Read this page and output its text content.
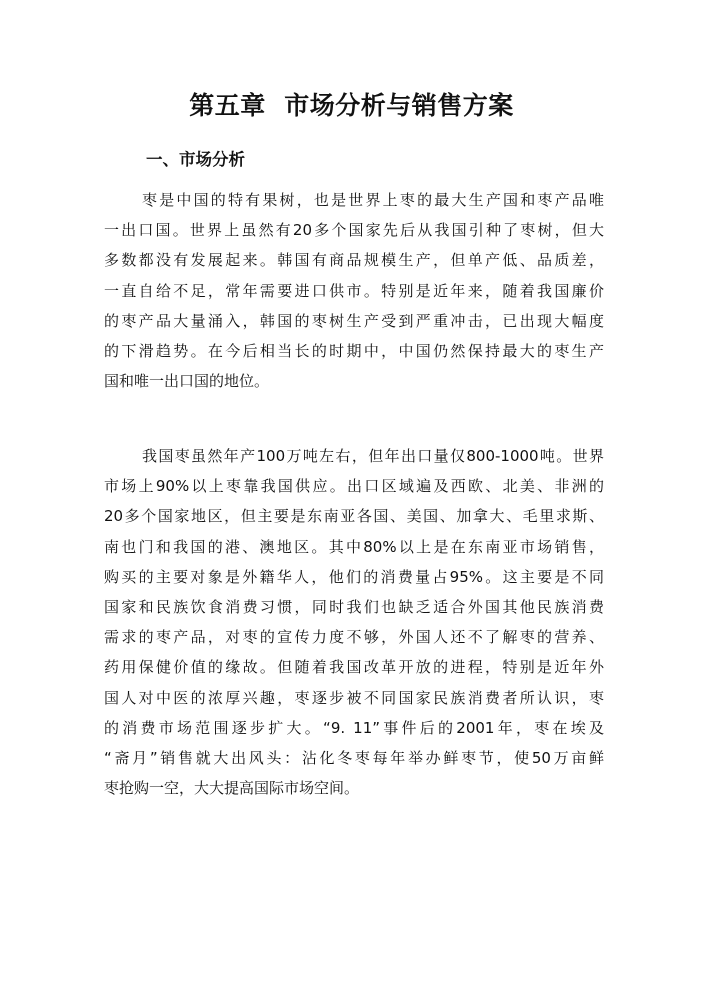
第五章  市场分析与销售方案
一、市场分析
枣是中国的特有果树，也是世界上枣的最大生产国和枣产品唯
一出口国。世界上虽然有20多个国家先后从我国引种了枣树，但大
多数都没有发展起来。韩国有商品规模生产，但单产低、品质差，
一直自给不足，常年需要进口供市。特别是近年来，随着我国廉价
的枣产品大量涌入，韩国的枣树生产受到严重冲击，已出现大幅度
的下滑趋势。在今后相当长的时期中，中国仍然保持最大的枣生产
国和唯一出口国的地位。
我国枣虽然年产100万吨左右，但年出口量仅800-1000吨。世界
市场上90%以上枣靠我国供应。出口区域遍及西欧、北美、非洲的
20多个国家地区，但主要是东南亚各国、美国、加拿大、毛里求斯、
南也门和我国的港、澳地区。其中80%以上是在东南亚市场销售，
购买的主要对象是外籍华人，他们的消费量占95%。这主要是不同
国家和民族饮食消费习惯，同时我们也缺乏适合外国其他民族消费
需求的枣产品，对枣的宣传力度不够，外国人还不了解枣的营养、
药用保健价值的缘故。但随着我国改革开放的进程，特别是近年外
国人对中医的浓厚兴趣，枣逐步被不同国家民族消费者所认识，枣
的消费市场范围逐步扩大。“9. 11”事件后的2001年，枣在埃及
“斋月”销售就大出风头：沾化冬枣每年举办鲜枣节，使50万亩鲜
枣抢购一空，大大提高国际市场空间。
